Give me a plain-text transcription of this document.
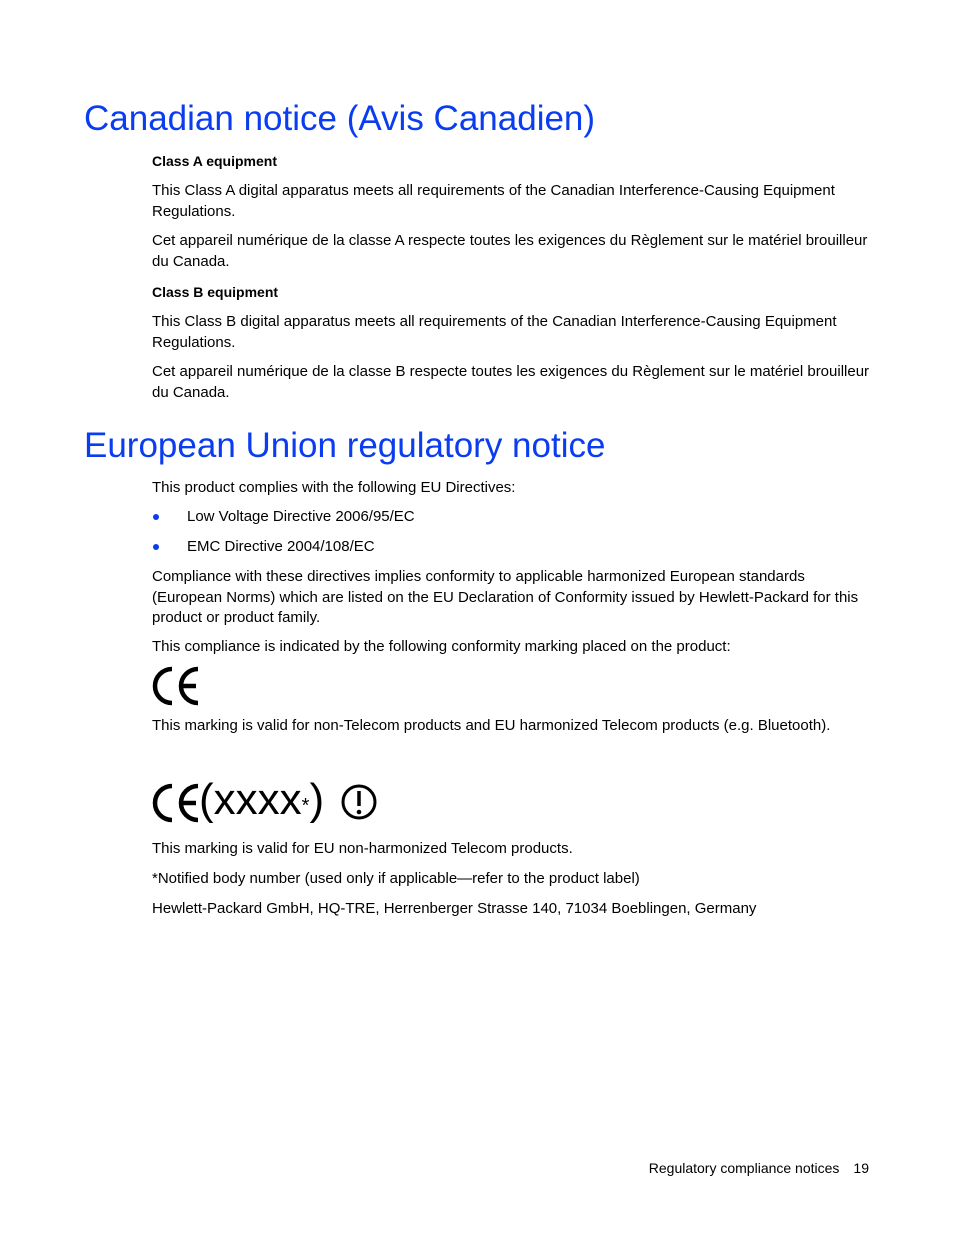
Canadian notice (Avis Canadien)
Class A equipment

This Class A digital apparatus meets all requirements of the Canadian Interference-Causing Equipment Regulations.

Cet appareil numérique de la classe A respecte toutes les exigences du Règlement sur le matériel brouilleur du Canada.

Class B equipment

This Class B digital apparatus meets all requirements of the Canadian Interference-Causing Equipment Regulations.

Cet appareil numérique de la classe B respecte toutes les exigences du Règlement sur le matériel brouilleur du Canada.

European Union regulatory notice

This product complies with the following EU Directives:

Low Voltage Directive 2006/95/EC
EMC Directive 2004/108/EC

Compliance with these directives implies conformity to applicable harmonized European standards (European Norms) which are listed on the EU Declaration of Conformity issued by Hewlett-Packard for this product or product family.

This compliance is indicated by the following conformity marking placed on the product:

This marking is valid for non-Telecom products and EU harmonized Telecom products (e.g. Bluetooth).

(xxxx*)

This marking is valid for EU non-harmonized Telecom products.

*Notified body number (used only if applicable—refer to the product label)

Hewlett-Packard GmbH, HQ-TRE, Herrenberger Strasse 140, 71034 Boeblingen, Germany

Regulatory compliance notices 19
